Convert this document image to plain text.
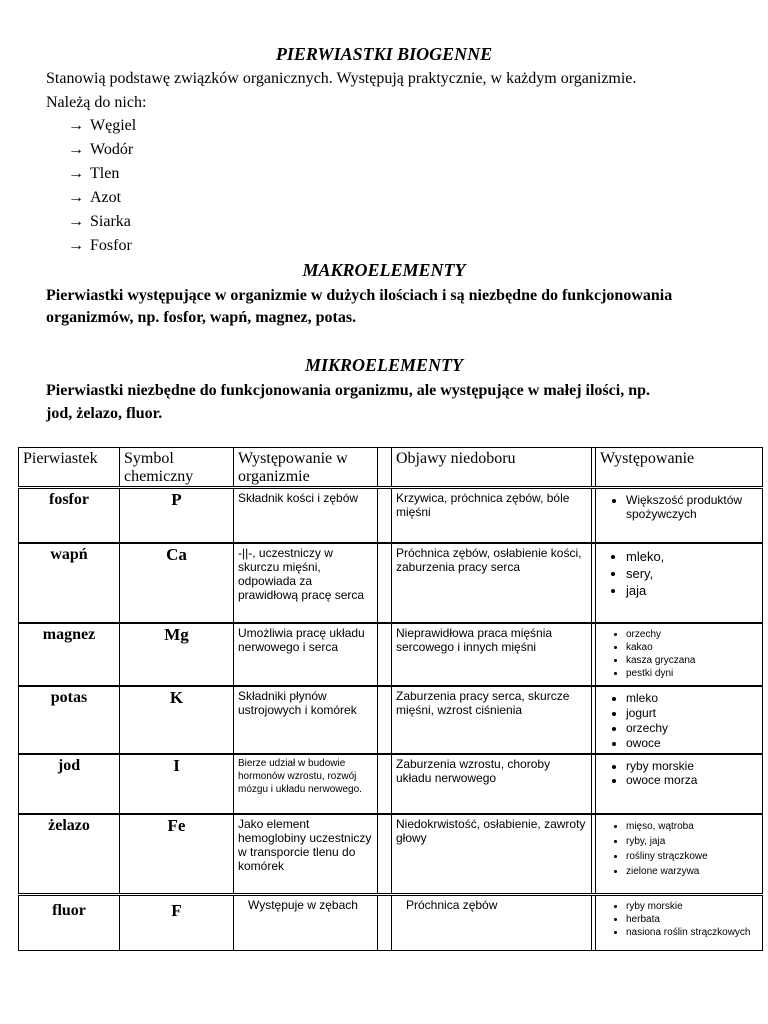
PIERWIASTKI BIOGENNE
Stanowią podstawę związków organicznych. Występują praktycznie, w każdym organizmie.
Należą do nich:
→ Węgiel
→ Wodór
→ Tlen
→ Azot
→ Siarka
→ Fosfor
MAKROELEMENTY
Pierwiastki występujące w organizmie w dużych ilościach i są niezbędne do funkcjonowania
organizmów, np. fosfor, wapń, magnez, potas.
MIKROELEMENTY
Pierwiastki niezbędne do funkcjonowania organizmu, ale występujące w małej ilości, np.
jod, żelazo, fluor.
Pierwiastek	Symbol chemiczny
Występowanie w organizmie
Objawy niedoboru	Występowanie
fosfor	P	Składnik kości i zębów	Krzywica, próchnica zębów, bóle mięśni
• Większość produktów spożywczych
wapń	Ca	-||-, uczestniczy w skurczu mięśni, odpowiada za prawidłową pracę serca
Próchnica zębów, osłabienie kości, zaburzenia pracy serca
• mleko,
• sery,
• jaja
magnez	Mg	Umożliwia pracę układu nerwowego i serca
Nieprawidłowa praca mięśnia sercowego i innych mięśni
• orzechy
• kakao
• kasza gryczana
• pestki dyni
potas	K	Składniki płynów ustrojowych i komórek
Zaburzenia pracy serca, skurcze mięśni, wzrost ciśnienia
• mleko
• jogurt
• orzechy
• owoce
jod	I	Bierze udział w budowie hormonów wzrostu, rozwój mózgu i układu nerwowego.
Zaburzenia wzrostu, choroby układu nerwowego
• ryby morskie
• owoce morza
żelazo	Fe	Jako element hemoglobiny uczestniczy w transporcie tlenu do komórek
Niedokrwistość, osłabienie, zawroty głowy
• mięso, wątroba
• ryby, jaja
• rośliny strączkowe
• zielone warzywa
fluor	F	Występuje w zębach	Próchnica zębów
•	ryby morskie
• herbata
• nasiona roślin strączkowych
